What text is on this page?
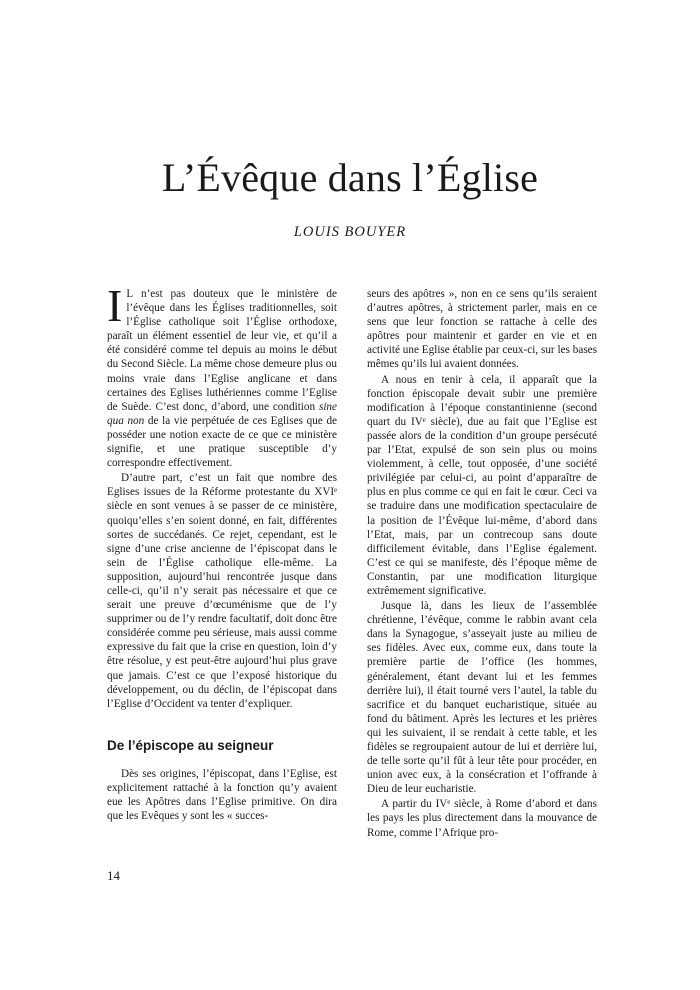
L’Évêque dans l’Église
LOUIS BOUYER

I L n’est pas douteux que le ministère de l’évêque dans les Églises traditionnelles, soit l’Église catholique soit l’Église orthodoxe, paraît un élément essentiel de leur vie, et qu’il a été considéré comme tel depuis au moins le début du Second Siècle. La même chose demeure plus ou moins vraie dans l’Eglise anglicane et dans certaines des Eglises luthériennes comme l’Eglise de Suède. C’est donc, d’abord, une condition sine qua non de la vie perpétuée de ces Eglises que de posséder une notion exacte de ce que ce ministère signifie, et une pratique susceptible d’y correspondre effectivement.

D’autre part, c’est un fait que nombre des Eglises issues de la Réforme protestante du XVIᵉ siècle en sont venues à se passer de ce ministère, quoiqu’elles s’en soient donné, en fait, différentes sortes de succédanés. Ce rejet, cependant, est le signe d’une crise ancienne de l’épiscopat dans le sein de l’Église catholique elle-même. La supposition, aujourd’hui rencontrée jusque dans celle-ci, qu’il n’y serait pas nécessaire et que ce serait une preuve d’œcuménisme que de l’y supprimer ou de l’y rendre facultatif, doit donc être considérée comme peu sérieuse, mais aussi comme expressive du fait que la crise en question, loin d’y être résolue, y est peut-être aujourd’hui plus grave que jamais. C’est ce que l’exposé historique du développement, ou du déclin, de l’épiscopat dans l’Eglise d’Occident va tenter d’expliquer.

De l’épiscope au seigneur

Dès ses origines, l’épiscopat, dans l’Eglise, est explicitement rattaché à la fonction qu’y avaient eue les Apôtres dans l’Eglise primitive. On dira que les Evêques y sont les « succes-

seurs des apôtres », non en ce sens qu’ils seraient d’autres apôtres, à strictement parler, mais en ce sens que leur fonction se rattache à celle des apôtres pour maintenir et garder en vie et en activité une Eglise établie par ceux-ci, sur les bases mêmes qu’ils lui avaient données.

A nous en tenir à cela, il apparaît que la fonction épiscopale devait subir une première modification à l’époque constantinienne (second quart du IVᵉ siècle), due au fait que l’Eglise est passée alors de la condition d’un groupe persécuté par l’Etat, expulsé de son sein plus ou moins violemment, à celle, tout opposée, d’une société privilégiée par celui-ci, au point d’apparaître de plus en plus comme ce qui en fait le cœur. Ceci va se traduire dans une modification spectaculaire de la position de l’Évêque lui-même, d’abord dans l’Etat, mais, par un contrecoup sans doute difficilement évitable, dans l’Eglise également. C’est ce qui se manifeste, dès l’époque même de Constantin, par une modification liturgique extrêmement significative.

Jusque là, dans les lieux de l’assemblée chrétienne, l’évêque, comme le rabbin avant cela dans la Synagogue, s’asseyait juste au milieu de ses fidèles. Avec eux, comme eux, dans toute la première partie de l’office (les hommes, généralement, étant devant lui et les femmes derrière lui), il était tourné vers l’autel, la table du sacrifice et du banquet eucharistique, située au fond du bâtiment. Après les lectures et les prières qui les suivaient, il se rendait à cette table, et les fidèles se regroupaient autour de lui et derrière lui, de telle sorte qu’il fût à leur tête pour procéder, en union avec eux, à la consécration et l’offrande à Dieu de leur eucharistie.

A partir du IVᵉ siècle, à Rome d’abord et dans les pays les plus directement dans la mouvance de Rome, comme l’Afrique pro-

14
